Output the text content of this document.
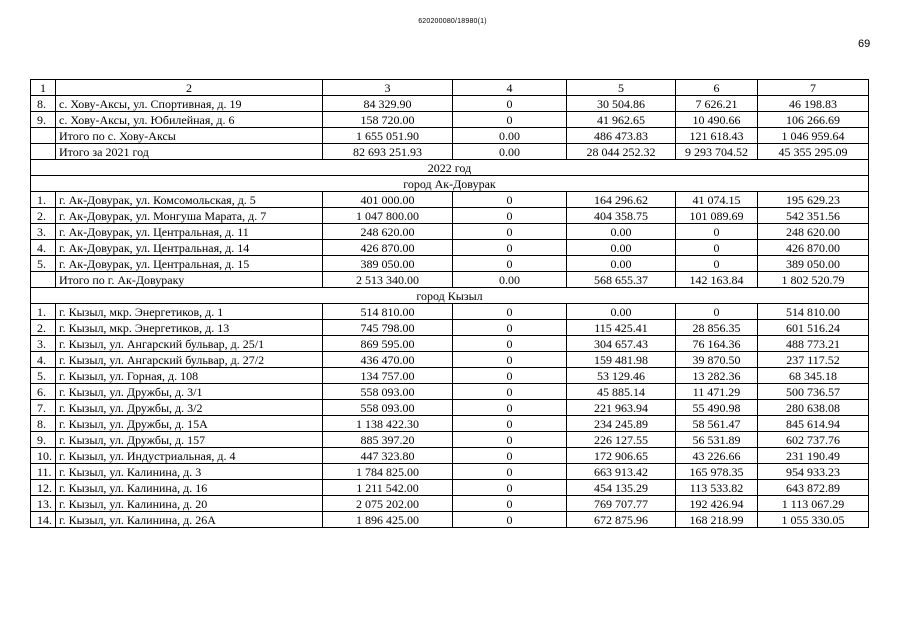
620200080/18980(1)
69
1	2	3	4	5	6	7
8.	с. Хову-Аксы, ул. Спортивная, д. 19	84 329.90	0	30 504.86	7 626.21	46 198.83
9.	с. Хову-Аксы, ул. Юбилейная, д. 6	158 720.00	0	41 962.65	10 490.66	106 266.69
	Итого по с. Хову-Аксы	1 655 051.90	0.00	486 473.83	121 618.43	1 046 959.64
	Итого за 2021 год	82 693 251.93	0.00	28 044 252.32	9 293 704.52	45 355 295.09
2022 год						
город Ак-Довурак						
1.	г. Ак-Довурак, ул. Комсомольская, д. 5	401 000.00	0	164 296.62	41 074.15	195 629.23
2.	г. Ак-Довурак, ул. Монгуша Марата, д. 7	1 047 800.00	0	404 358.75	101 089.69	542 351.56
3.	г. Ак-Довурак, ул. Центральная, д. 11	248 620.00	0	0.00	0	248 620.00
4.	г. Ак-Довурак, ул. Центральная, д. 14	426 870.00	0	0.00	0	426 870.00
5.	г. Ак-Довурак, ул. Центральная, д. 15	389 050.00	0	0.00	0	389 050.00
	Итого по г. Ак-Довураку	2 513 340.00	0.00	568 655.37	142 163.84	1 802 520.79
город Кызыл						
1.	г. Кызыл, мкр. Энергетиков, д. 1	514 810.00	0	0.00	0	514 810.00
2.	г. Кызыл, мкр. Энергетиков, д. 13	745 798.00	0	115 425.41	28 856.35	601 516.24
3.	г. Кызыл, ул. Ангарский бульвар, д. 25/1	869 595.00	0	304 657.43	76 164.36	488 773.21
4.	г. Кызыл, ул. Ангарский бульвар, д. 27/2	436 470.00	0	159 481.98	39 870.50	237 117.52
5.	г. Кызыл, ул. Горная, д. 108	134 757.00	0	53 129.46	13 282.36	68 345.18
6.	г. Кызыл, ул. Дружбы, д. 3/1	558 093.00	0	45 885.14	11 471.29	500 736.57
7.	г. Кызыл, ул. Дружбы, д. 3/2	558 093.00	0	221 963.94	55 490.98	280 638.08
8.	г. Кызыл, ул. Дружбы, д. 15А	1 138 422.30	0	234 245.89	58 561.47	845 614.94
9.	г. Кызыл, ул. Дружбы, д. 157	885 397.20	0	226 127.55	56 531.89	602 737.76
10.	г. Кызыл, ул. Индустриальная, д. 4	447 323.80	0	172 906.65	43 226.66	231 190.49
11.	г. Кызыл, ул. Калинина, д. 3	1 784 825.00	0	663 913.42	165 978.35	954 933.23
12.	г. Кызыл, ул. Калинина, д. 16	1 211 542.00	0	454 135.29	113 533.82	643 872.89
13.	г. Кызыл, ул. Калинина, д. 20	2 075 202.00	0	769 707.77	192 426.94	1 113 067.29
14.	г. Кызыл, ул. Калинина, д. 26А	1 896 425.00	0	672 875.96	168 218.99	1 055 330.05
